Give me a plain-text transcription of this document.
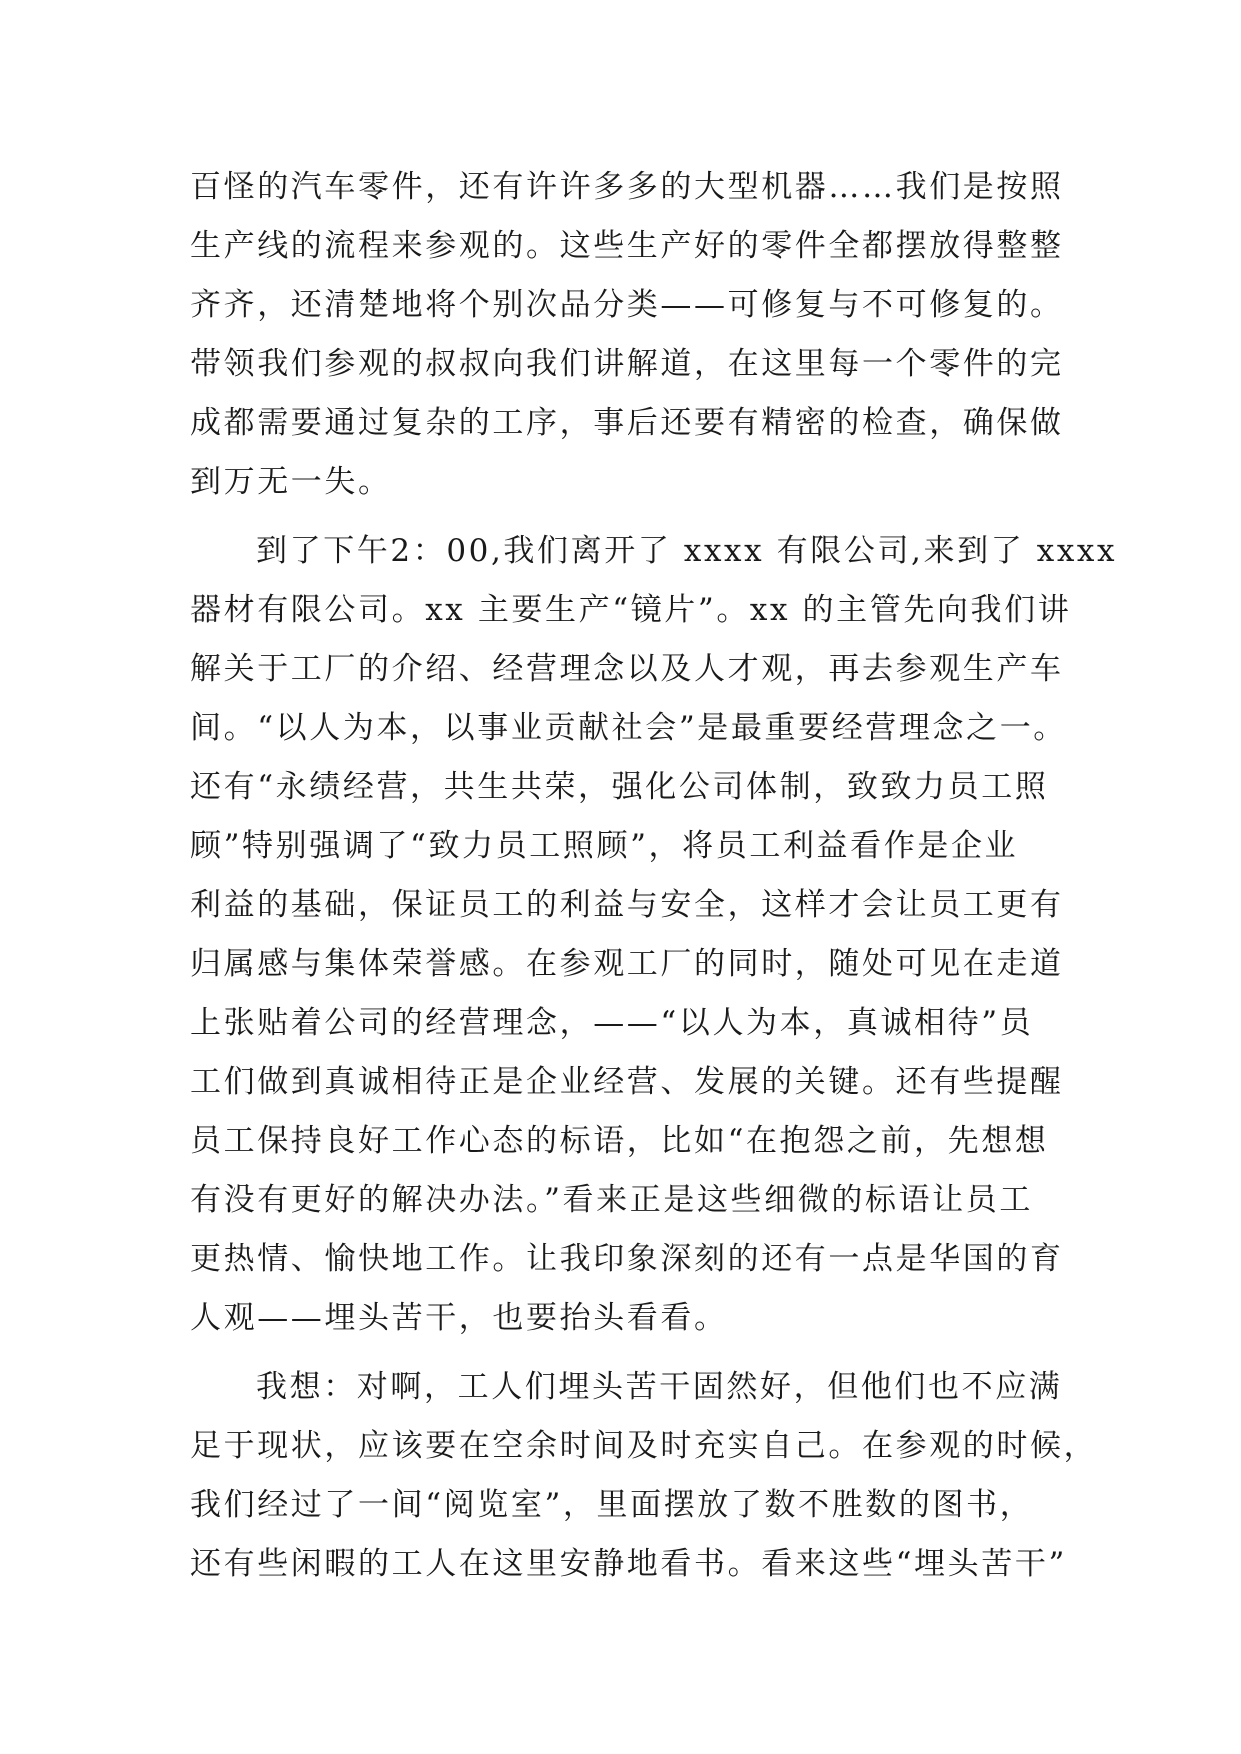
百怪的汽车零件，还有许许多多的大型机器……我们是按照
生产线的流程来参观的。这些生产好的零件全都摆放得整整
齐齐，还清楚地将个别次品分类——可修复与不可修复的。
带领我们参观的叔叔向我们讲解道，在这里每一个零件的完
成都需要通过复杂的工序，事后还要有精密的检查，确保做
到万无一失。
到了下午2：00,我们离开了 xxxx 有限公司,来到了 xxxx
器材有限公司。xx 主要生产“镜片”。xx 的主管先向我们讲
解关于工厂的介绍、经营理念以及人才观，再去参观生产车
间。“以人为本，以事业贡献社会”是最重要经营理念之一。
还有“永绩经营，共生共荣，强化公司体制，致致力员工照
顾”特别强调了“致力员工照顾”，将员工利益看作是企业
利益的基础，保证员工的利益与安全，这样才会让员工更有
归属感与集体荣誉感。在参观工厂的同时，随处可见在走道
上张贴着公司的经营理念，——“以人为本，真诚相待”员
工们做到真诚相待正是企业经营、发展的关键。还有些提醒
员工保持良好工作心态的标语，比如“在抱怨之前，先想想
有没有更好的解决办法。”看来正是这些细微的标语让员工
更热情、愉快地工作。让我印象深刻的还有一点是华国的育
人观——埋头苦干，也要抬头看看。
我想：对啊，工人们埋头苦干固然好，但他们也不应满
足于现状，应该要在空余时间及时充实自己。在参观的时候，
我们经过了一间“阅览室”，里面摆放了数不胜数的图书，
还有些闲暇的工人在这里安静地看书。看来这些“埋头苦干”
